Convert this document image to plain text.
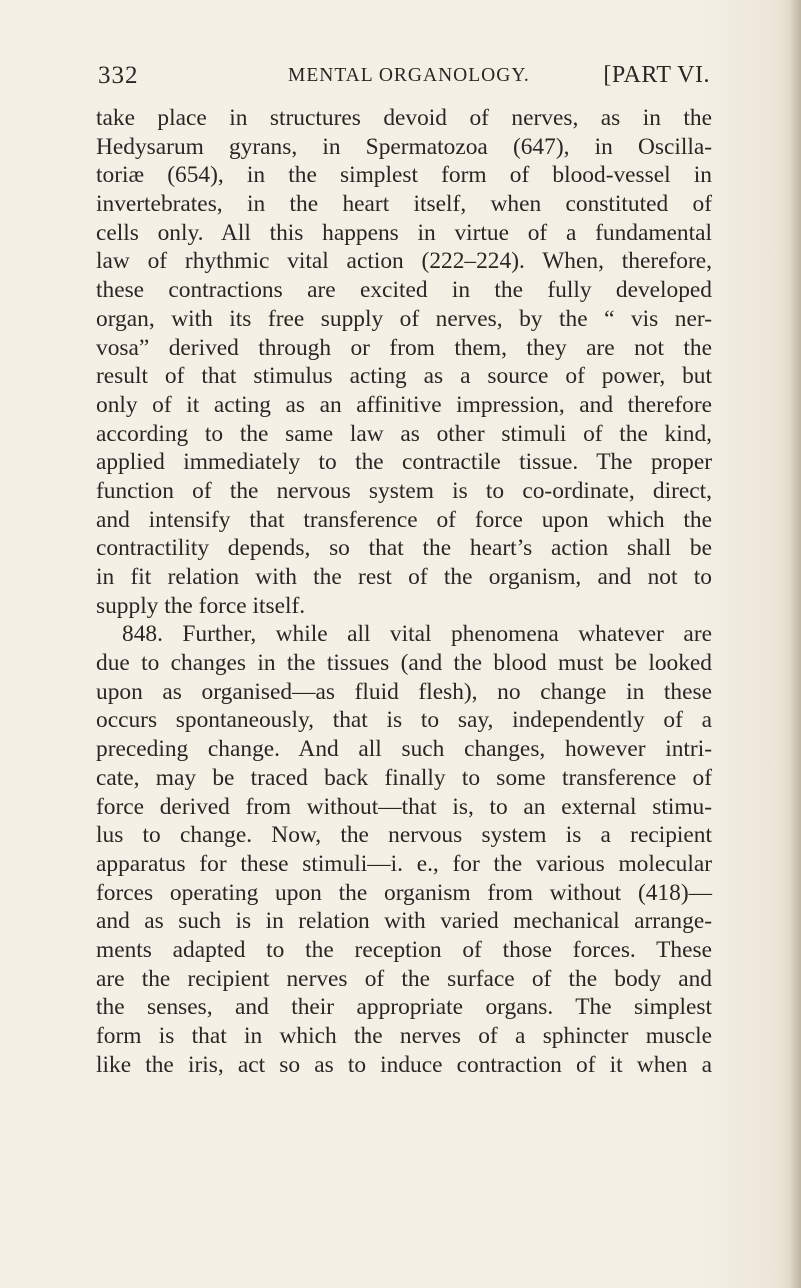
332	MENTAL ORGANOLOGY.	[PART VI.
take place in structures devoid of nerves, as in the
Hedysarum gyrans, in Spermatozoa (647), in Oscilla-
toriæ (654), in the simplest form of blood-vessel in
invertebrates, in the heart itself, when constituted of
cells only. All this happens in virtue of a fundamental
law of rhythmic vital action (222–224). When, therefore,
these contractions are excited in the fully developed
organ, with its free supply of nerves, by the “ vis ner-
vosa” derived through or from them, they are not the
result of that stimulus acting as a source of power, but
only of it acting as an affinitive impression, and therefore
according to the same law as other stimuli of the kind,
applied immediately to the contractile tissue. The proper
function of the nervous system is to co-ordinate, direct,
and intensify that transference of force upon which the
contractility depends, so that the heart’s action shall be
in fit relation with the rest of the organism, and not to
supply the force itself.
848. Further, while all vital phenomena whatever are
due to changes in the tissues (and the blood must be looked
upon as organised—as fluid flesh), no change in these
occurs spontaneously, that is to say, independently of a
preceding change. And all such changes, however intri-
cate, may be traced back finally to some transference of
force derived from without—that is, to an external stimu-
lus to change. Now, the nervous system is a recipient
apparatus for these stimuli—i. e., for the various molecular
forces operating upon the organism from without (418)—
and as such is in relation with varied mechanical arrange-
ments adapted to the reception of those forces. These
are the recipient nerves of the surface of the body and
the senses, and their appropriate organs. The simplest
form is that in which the nerves of a sphincter muscle
like the iris, act so as to induce contraction of it when a
